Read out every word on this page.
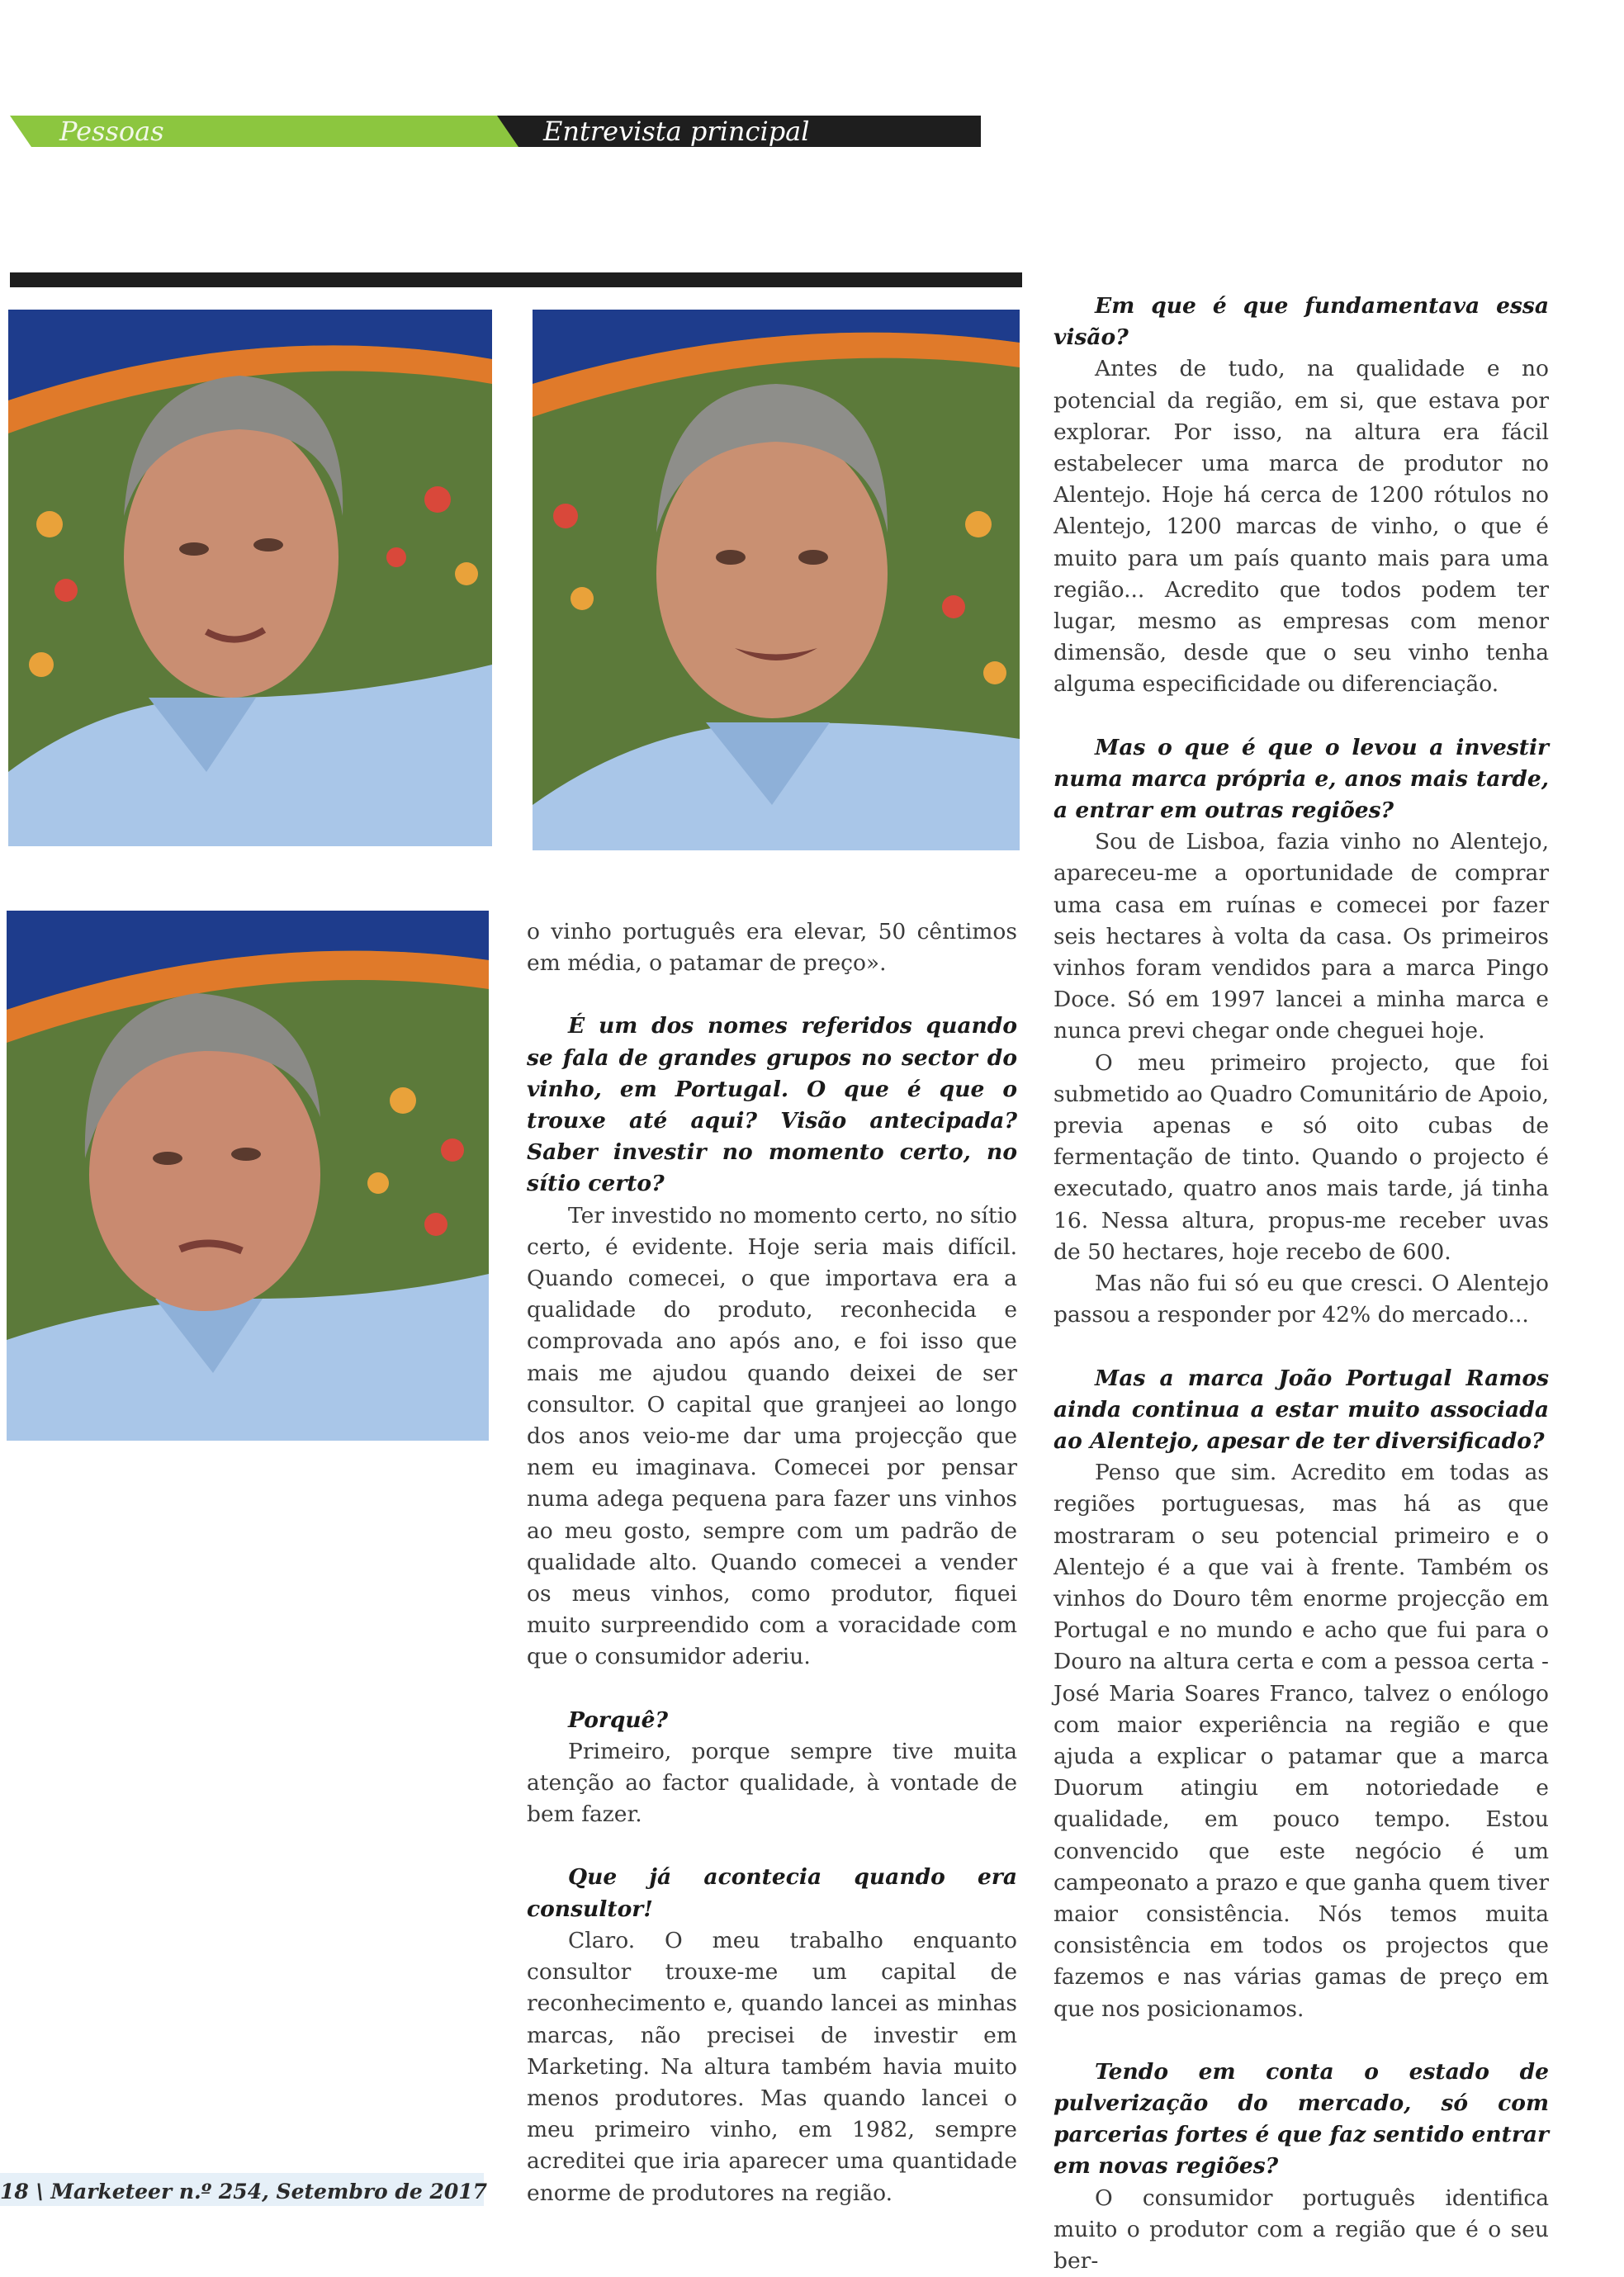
Pessoas	Entrevista principal

o vinho português era elevar, 50 cêntimos em média, o patamar de preço».

É um dos nomes referidos quando se fala de grandes grupos no sector do vinho, em Portugal. O que é que o trouxe até aqui? Visão antecipada? Saber investir no momento certo, no sítio certo?

Ter investido no momento certo, no sítio certo, é evidente. Hoje seria mais difícil. Quando comecei, o que importava era a qualidade do produto, reconhecida e comprovada ano após ano, e foi isso que mais me ajudou quando deixei de ser consultor. O capital que granjeei ao longo dos anos veio-me dar uma projecção que nem eu imaginava. Comecei por pensar numa adega pequena para fazer uns vinhos ao meu gosto, sempre com um padrão de qualidade alto. Quando comecei a vender os meus vinhos, como produtor, fiquei muito surpreendido com a voracidade com que o consumidor aderiu.

Porquê?

Primeiro, porque sempre tive muita atenção ao factor qualidade, à vontade de bem fazer.

Que já acontecia quando era consultor!

Claro. O meu trabalho enquanto consultor trouxe-me um capital de reconhecimento e, quando lancei as minhas marcas, não precisei de investir em Marketing. Na altura também havia muito menos produtores. Mas quando lancei o meu primeiro vinho, em 1982, sempre acreditei que iria aparecer uma quantidade enorme de produtores na região.

Em que é que fundamentava essa visão?

Antes de tudo, na qualidade e no potencial da região, em si, que estava por explorar. Por isso, na altura era fácil estabelecer uma marca de produtor no Alentejo. Hoje há cerca de 1200 rótulos no Alentejo, 1200 marcas de vinho, o que é muito para um país quanto mais para uma região... Acredito que todos podem ter lugar, mesmo as empresas com menor dimensão, desde que o seu vinho tenha alguma especificidade ou diferenciação.

Mas o que é que o levou a investir numa marca própria e, anos mais tarde, a entrar em outras regiões?

Sou de Lisboa, fazia vinho no Alentejo, apareceu-me a oportunidade de comprar uma casa em ruínas e comecei por fazer seis hectares à volta da casa. Os primeiros vinhos foram vendidos para a marca Pingo Doce. Só em 1997 lancei a minha marca e nunca previ chegar onde cheguei hoje.

O meu primeiro projecto, que foi submetido ao Quadro Comunitário de Apoio, previa apenas e só oito cubas de fermentação de tinto. Quando o projecto é executado, quatro anos mais tarde, já tinha 16. Nessa altura, propus-me receber uvas de 50 hectares, hoje recebo de 600.

Mas não fui só eu que cresci. O Alentejo passou a responder por 42% do mercado...

Mas a marca João Portugal Ramos ainda continua a estar muito associada ao Alentejo, apesar de ter diversificado?

Penso que sim. Acredito em todas as regiões portuguesas, mas há as que mostraram o seu potencial primeiro e o Alentejo é a que vai à frente. Também os vinhos do Douro têm enorme projecção em Portugal e no mundo e acho que fui para o Douro na altura certa e com a pessoa certa - José Maria Soares Franco, talvez o enólogo com maior experiência na região e que ajuda a explicar o patamar que a marca Duorum atingiu em notoriedade e qualidade, em pouco tempo. Estou convencido que este negócio é um campeonato a prazo e que ganha quem tiver maior consistência. Nós temos muita consistência em todos os projectos que fazemos e nas várias gamas de preço em que nos posicionamos.

Tendo em conta o estado de pulverização do mercado, só com parcerias fortes é que faz sentido entrar em novas regiões?

O consumidor português identifica muito o produtor com a região que é o seu ber-

18 \ Marketeer n.º 254, Setembro de 2017
